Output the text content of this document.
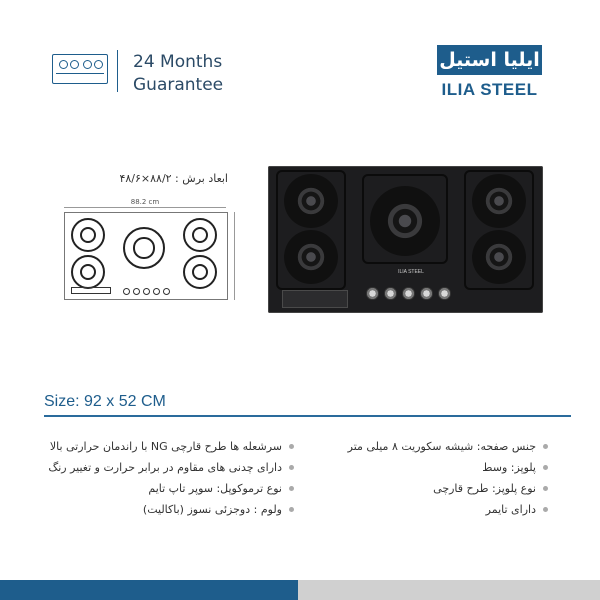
24 Months
Guarantee
ایلیا استیل
ILIA STEEL
ابعاد برش : ۸۸/۲×۴۸/۶
88.2 cm
ILIA STEEL
Size: 92 x 52 CM
جنس صفحه: شیشه سکوریت ۸ میلی متر
پلوپز: وسط
نوع پلوپز: طرح قارچی
دارای تایمر
سرشعله ها طرح قارچی NG با راندمان حرارتی بالا
دارای چدنی های مقاوم در برابر حرارت و تغییر رنگ
نوع ترموکوپل: سوپر تاپ تایم
ولوم : دوجزئی نسوز (باکالیت)
